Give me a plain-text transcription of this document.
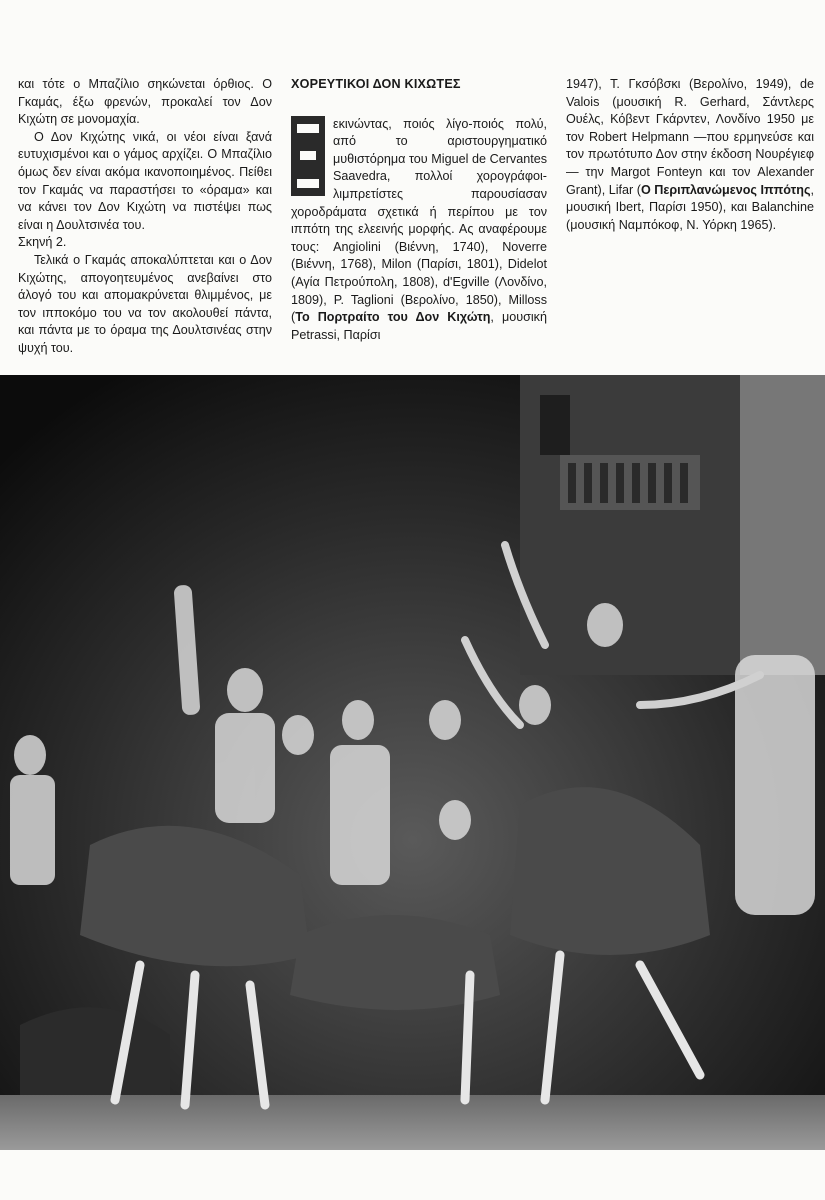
και τότε ο Μπαζίλιο σηκώνεται όρθιος. Ο Γκαμάς, έξω φρενών, προκαλεί τον Δον Κιχώτη σε μονομαχία.

Ο Δον Κιχώτης νικά, οι νέοι είναι ξανά ευτυχισμένοι και ο γάμος αρχίζει. Ο Μπαζίλιο όμως δεν είναι ακόμα ικανοποιημένος. Πείθει τον Γκαμάς να παραστήσει το «όραμα» και να κάνει τον Δον Κιχώτη να πιστέψει πως είναι η Δουλτσινέα του.

Σκηνή 2.

Τελικά ο Γκαμάς αποκαλύπτεται και ο Δον Κιχώτης, απογοητευμένος ανεβαίνει στο άλογό του και απομακρύνεται θλιμμένος, με τον ιπποκόμο του να τον ακολουθεί πάντα, και πάντα με το όραμα της Δουλτσινέας στην ψυχή του.

ΧΟΡΕΥΤΙΚΟΙ ΔΟΝ ΚΙΧΩΤΕΣ

εκινώντας, ποιός λίγο-ποιός πολύ, από το αριστουργηματικό μυθιστόρημα του Miguel de Cervantes Saavedra, πολλοί χορογράφοι-λιμπρετίστες παρουσίασαν χοροδράματα σχετικά ή περίπου με τον ιππότη της ελεεινής μορφής. Ας αναφέρουμε τους: Angiolini (Βιέννη, 1740), Noverre (Βιέννη, 1768), Milon (Παρίσι, 1801), Didelot (Αγία Πετρούπολη, 1808), d'Egville (Λονδίνο, 1809), P. Taglioni (Βερολίνο, 1850), Milloss (Το Πορτραίτο του Δον Κιχώτη, μουσική Petrassi, Παρίσι

1947), Τ. Γκσόβσκι (Βερολίνο, 1949), de Valois (μουσική R. Gerhard, Σάντλερς Ουέλς, Κόβεντ Γκάρντεν, Λονδίνο 1950 με τον Robert Helpmann —που ερμηνεύσε και τον πρωτότυπο Δον στην έκδοση Νουρέγιεφ— την Margot Fonteyn και τον Alexander Grant), Lifar (Ο Περιπλανώμενος Ιππότης, μουσική Ibert, Παρίσι 1950), και Balanchine (μουσική Ναμπόκοφ, Ν. Υόρκη 1965).
